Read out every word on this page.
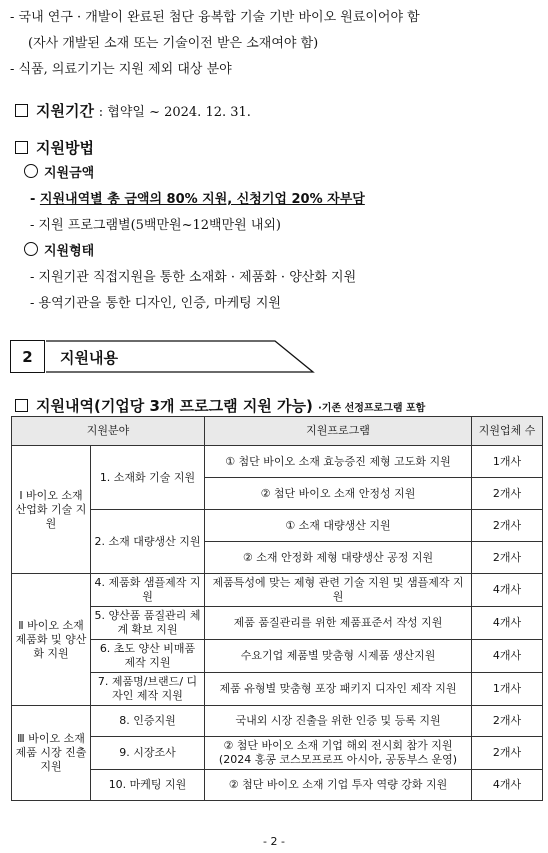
- 국내 연구 · 개발이 완료된 첨단 융복합 기술 기반 바이오 원료이어야 함
(자사 개발된 소재 또는 기술이전 받은 소재여야 함)
- 식품, 의료기기는 지원 제외 대상 분야
지원기간 : 협약일 ~ 2024. 12. 31.
지원방법
지원금액
- 지원내역별 총 금액의 80% 지원, 신청기업 20% 자부담
- 지원 프로그램별(5백만원~12백만원 내외)
지원형태
- 지원기관 직접지원을 통한 소재화 · 제품화 · 양산화 지원
- 용역기관을 통한 디자인, 인증, 마케팅 지원
2 지원내용
지원내역(기업당 3개 프로그램 지원 가능) ·기존 선정프로그램 포함
지원분야		지원프로그램	지원업체 수
Ⅰ 바이오 소재 산업화 기술 지원	1. 소재화 기술 지원	① 첨단 바이오 소재 효능증진 제형 고도화 지원	1개사
		② 첨단 바이오 소재 안정성 지원	2개사
	2. 소재 대량생산 지원	① 소재 대량생산 지원	2개사
		② 소재 안정화 제형 대량생산 공정 지원	2개사
Ⅱ 바이오 소재 제품화 및 양산화 지원	4. 제품화 샘플제작 지원	제품특성에 맞는 제형 관련 기술 지원 및 샘플제작 지원	4개사
	5. 양산품 품질관리 체계 확보 지원	제품 품질관리를 위한 제품표준서 작성 지원	4개사
	6. 초도 양산 비매품 제작 지원	수요기업 제품별 맞춤형 시제품 생산지원	4개사
	7. 제품명/브랜드/ 디자인 제작 지원	제품 유형별 맞춤형 포장 패키지 디자인 제작 지원	1개사
Ⅲ 바이오 소재 제품 시장 진출 지원	8. 인증지원	국내외 시장 진출을 위한 인증 및 등록 지원	2개사
	9. 시장조사	② 첨단 바이오 소재 기업 해외 전시회 참가 지원 (2024 홍콩 코스모프로프 아시아, 공동부스 운영)	2개사
	10. 마케팅 지원	② 첨단 바이오 소재 기업 투자 역량 강화 지원	4개사
- 2 -
